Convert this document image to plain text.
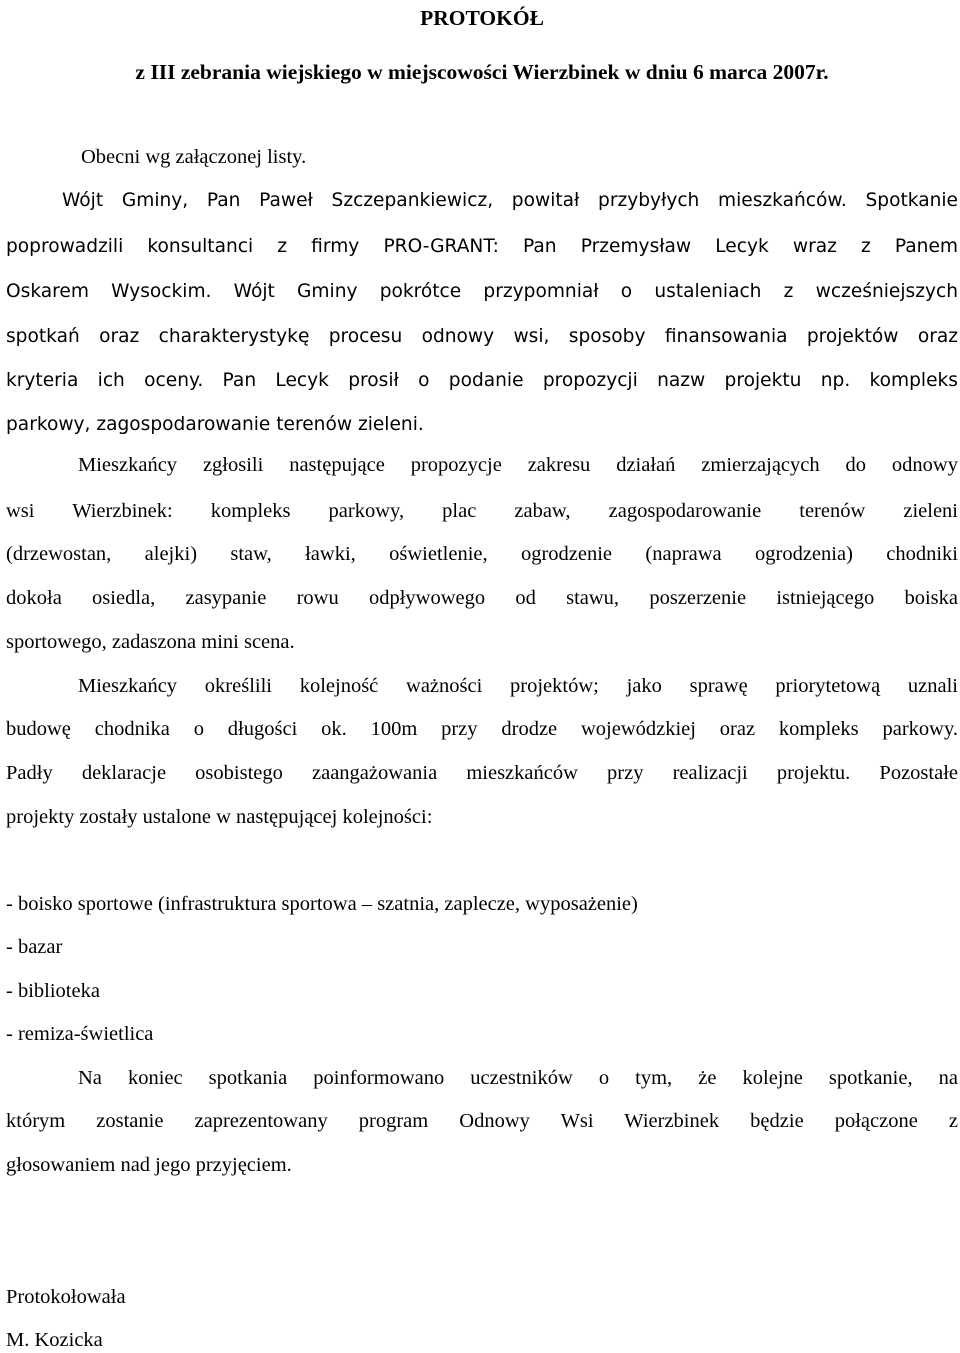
PROTOKÓŁ
z III zebrania wiejskiego w miejscowości Wierzbinek w dniu 6 marca 2007r.
Obecni wg załączonej listy.
Wójt Gminy, Pan Paweł Szczepankiewicz, powitał przybyłych mieszkańców. Spotkanie
poprowadzili konsultanci z firmy PRO-GRANT: Pan Przemysław Lecyk wraz z Panem
Oskarem Wysockim. Wójt Gminy pokrótce przypomniał o ustaleniach z wcześniejszych
spotkań oraz charakterystykę procesu odnowy wsi, sposoby finansowania projektów oraz
kryteria ich oceny. Pan Lecyk prosił o podanie propozycji nazw projektu np. kompleks
parkowy, zagospodarowanie terenów zieleni.
Mieszkańcy zgłosili następujące propozycje zakresu działań zmierzających do odnowy
wsi Wierzbinek: kompleks parkowy, plac zabaw, zagospodarowanie terenów zieleni
(drzewostan, alejki) staw, ławki, oświetlenie, ogrodzenie (naprawa ogrodzenia) chodniki
dokoła osiedla, zasypanie rowu odpływowego od stawu, poszerzenie istniejącego boiska
sportowego, zadaszona mini scena.
Mieszkańcy określili kolejność ważności projektów; jako sprawę priorytetową uznali
budowę chodnika o długości ok. 100m przy drodze wojewódzkiej oraz kompleks parkowy.
Padły deklaracje osobistego zaangażowania mieszkańców przy realizacji projektu. Pozostałe
projekty zostały ustalone w następującej kolejności:
- boisko sportowe (infrastruktura sportowa – szatnia, zaplecze, wyposażenie)
- bazar
- biblioteka
- remiza-świetlica
Na koniec spotkania poinformowano uczestników o tym, że kolejne spotkanie, na
którym zostanie zaprezentowany program Odnowy Wsi Wierzbinek będzie połączone z
głosowaniem nad jego przyjęciem.
Protokołowała
M. Kozicka
